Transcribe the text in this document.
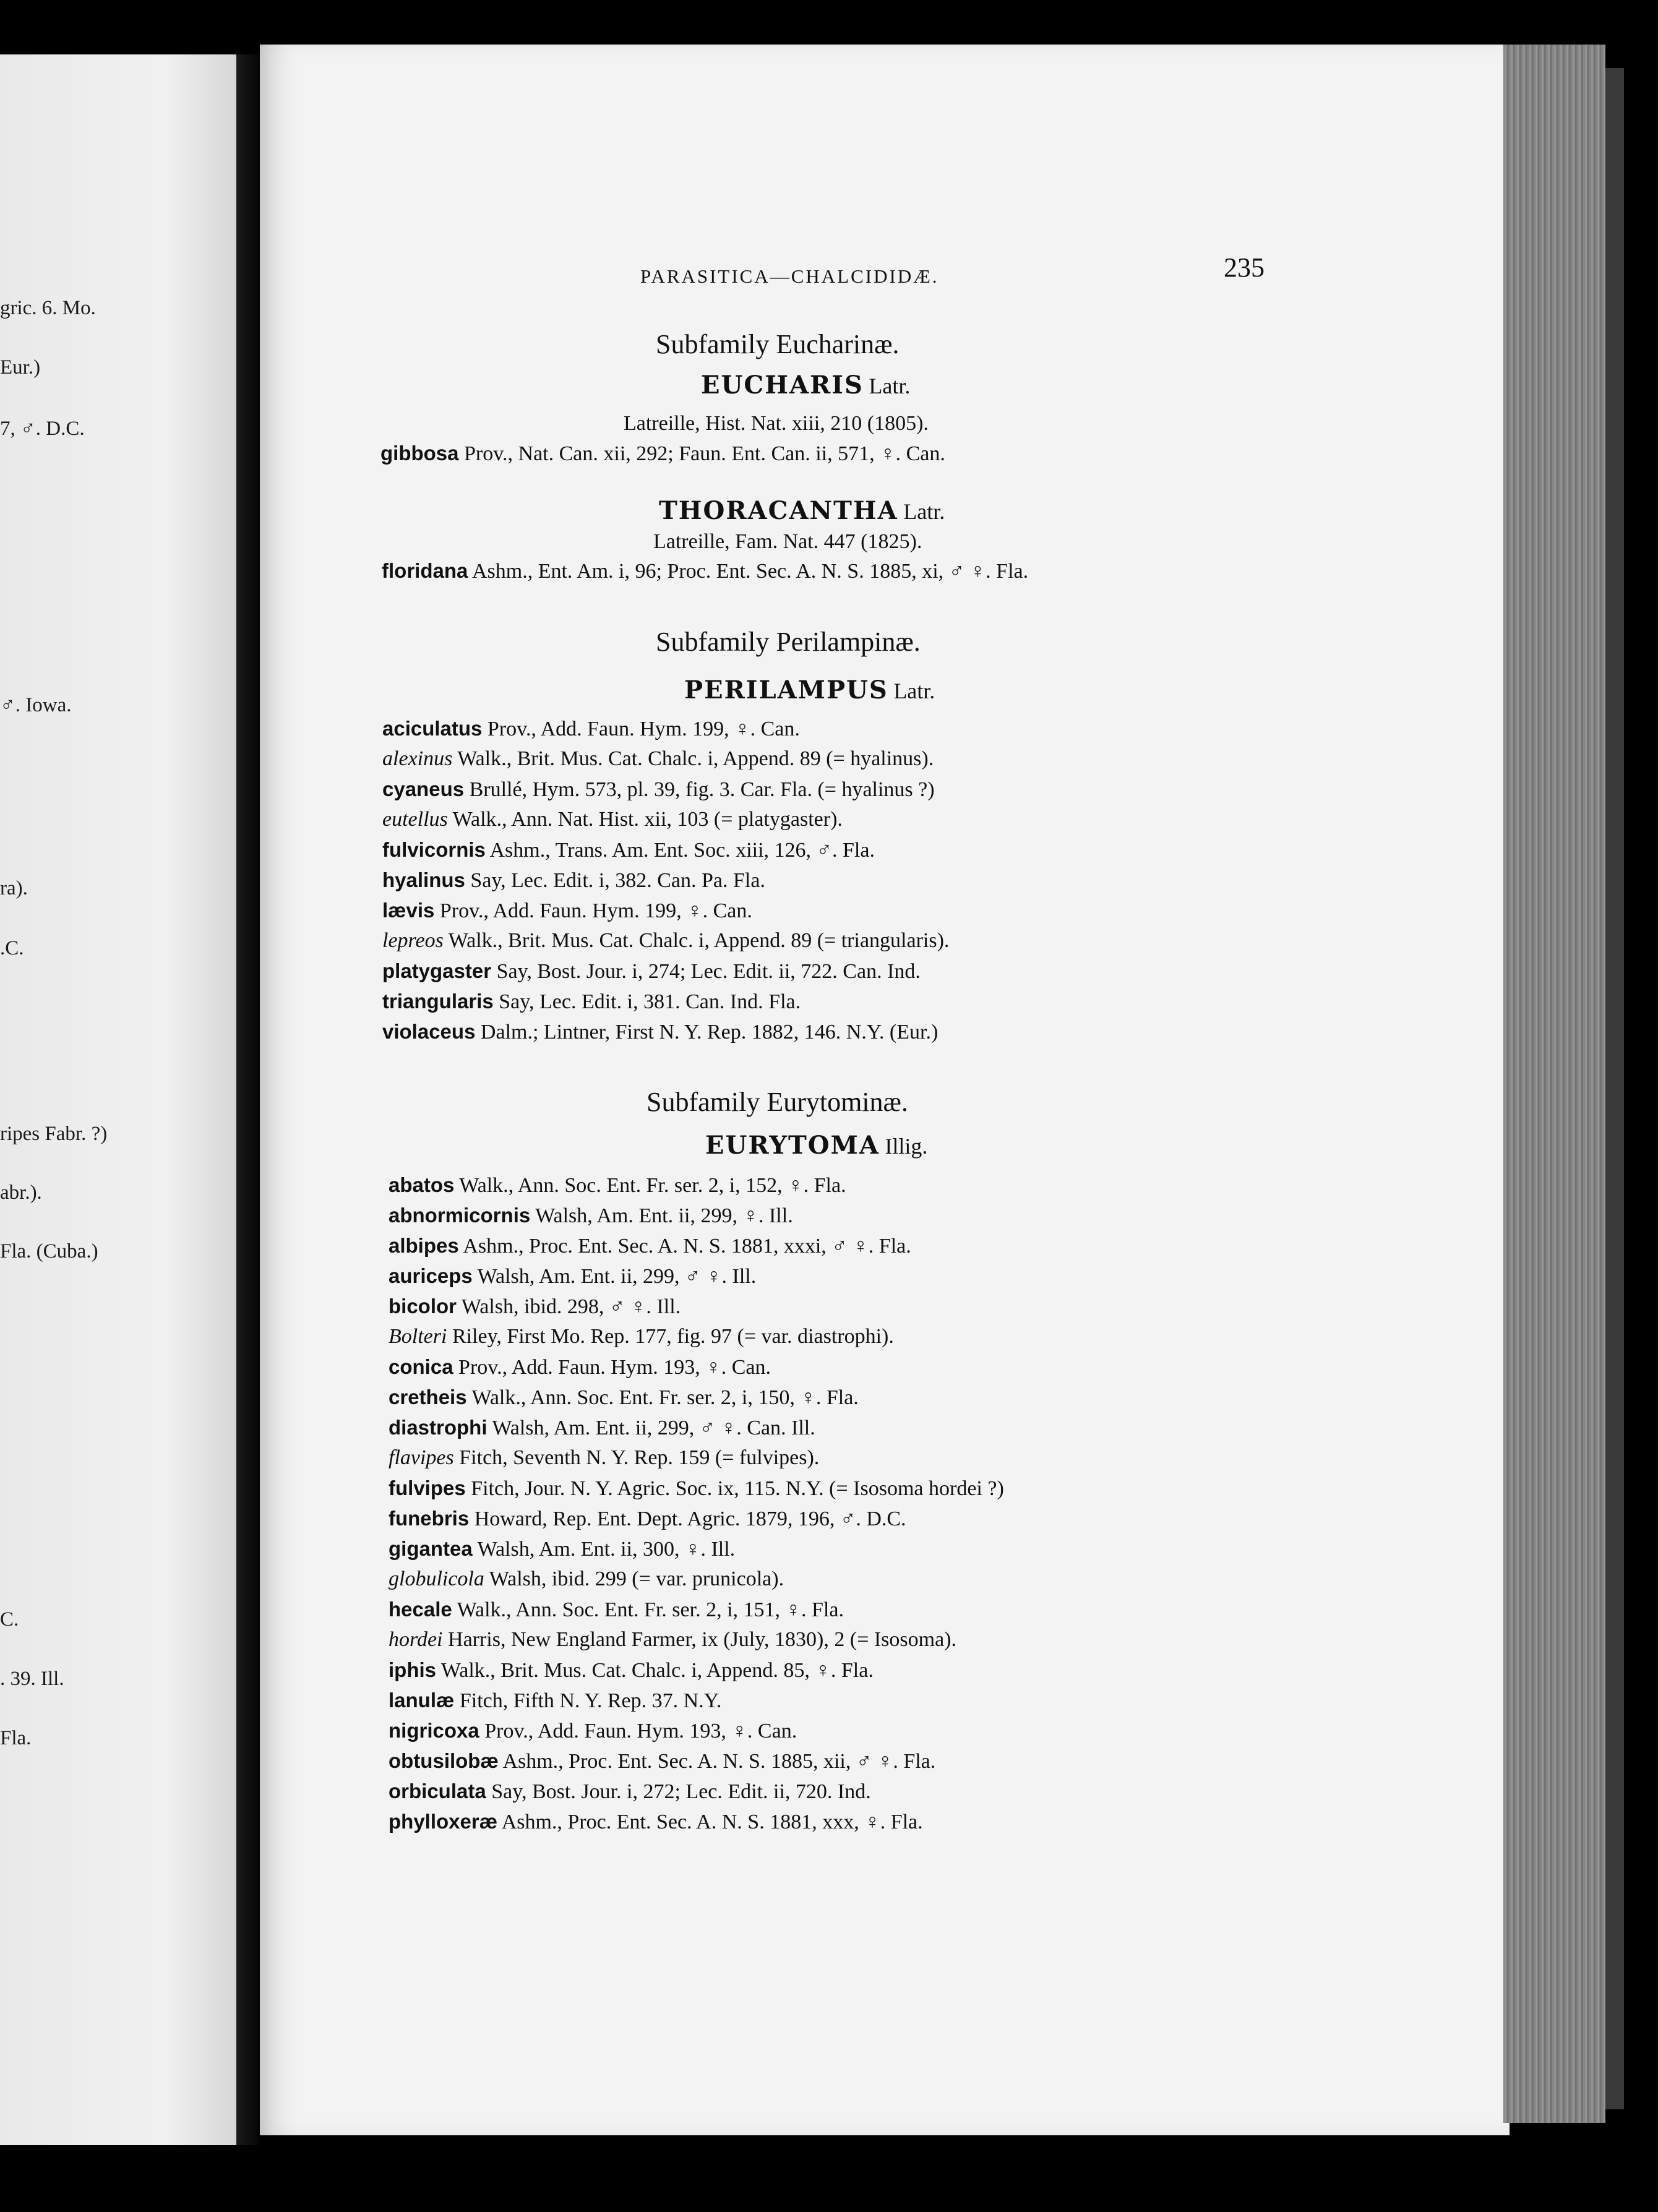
gric. 6. Mo.
Eur.)
7, ♂. D.C.
♂. Iowa.
ra).
.C.
ripes Fabr. ?)
abr.).
Fla. (Cuba.)
C.
. 39. Ill.
Fla.
PARASITICA—CHALCIDIDÆ.	235
Subfamily Eucharinæ.
EUCHARIS Latr.
Latreille, Hist. Nat. xiii, 210 (1805).
gibbosa Prov., Nat. Can. xii, 292; Faun. Ent. Can. ii, 571, ♀. Can.
THORACANTHA Latr.
Latreille, Fam. Nat. 447 (1825).
floridana Ashm., Ent. Am. i, 96; Proc. Ent. Sec. A. N. S. 1885, xi, ♂ ♀. Fla.
Subfamily Perilampinæ.
PERILAMPUS Latr.
aciculatus Prov., Add. Faun. Hym. 199, ♀. Can.
alexinus Walk., Brit. Mus. Cat. Chalc. i, Append. 89 (= hyalinus).
cyaneus Brullé, Hym. 573, pl. 39, fig. 3. Car. Fla. (= hyalinus ?)
eutellus Walk., Ann. Nat. Hist. xii, 103 (= platygaster).
fulvicornis Ashm., Trans. Am. Ent. Soc. xiii, 126, ♂. Fla.
hyalinus Say, Lec. Edit. i, 382. Can. Pa. Fla.
lævis Prov., Add. Faun. Hym. 199, ♀. Can.
lepreos Walk., Brit. Mus. Cat. Chalc. i, Append. 89 (= triangularis).
platygaster Say, Bost. Jour. i, 274; Lec. Edit. ii, 722. Can. Ind.
triangularis Say, Lec. Edit. i, 381. Can. Ind. Fla.
violaceus Dalm.; Lintner, First N. Y. Rep. 1882, 146. N.Y. (Eur.)
Subfamily Eurytominæ.
EURYTOMA Illig.
abatos Walk., Ann. Soc. Ent. Fr. ser. 2, i, 152, ♀. Fla.
abnormicornis Walsh, Am. Ent. ii, 299, ♀. Ill.
albipes Ashm., Proc. Ent. Sec. A. N. S. 1881, xxxi, ♂ ♀. Fla.
auriceps Walsh, Am. Ent. ii, 299, ♂ ♀. Ill.
bicolor Walsh, ibid. 298, ♂ ♀. Ill.
Bolteri Riley, First Mo. Rep. 177, fig. 97 (= var. diastrophi).
conica Prov., Add. Faun. Hym. 193, ♀. Can.
cretheis Walk., Ann. Soc. Ent. Fr. ser. 2, i, 150, ♀. Fla.
diastrophi Walsh, Am. Ent. ii, 299, ♂ ♀. Can. Ill.
flavipes Fitch, Seventh N. Y. Rep. 159 (= fulvipes).
fulvipes Fitch, Jour. N. Y. Agric. Soc. ix, 115. N.Y. (= Isosoma hordei ?)
funebris Howard, Rep. Ent. Dept. Agric. 1879, 196, ♂. D.C.
gigantea Walsh, Am. Ent. ii, 300, ♀. Ill.
globulicola Walsh, ibid. 299 (= var. prunicola).
hecale Walk., Ann. Soc. Ent. Fr. ser. 2, i, 151, ♀. Fla.
hordei Harris, New England Farmer, ix (July, 1830), 2 (= Isosoma).
iphis Walk., Brit. Mus. Cat. Chalc. i, Append. 85, ♀. Fla.
lanulæ Fitch, Fifth N. Y. Rep. 37. N.Y.
nigricoxa Prov., Add. Faun. Hym. 193, ♀. Can.
obtusilobæ Ashm., Proc. Ent. Sec. A. N. S. 1885, xii, ♂ ♀. Fla.
orbiculata Say, Bost. Jour. i, 272; Lec. Edit. ii, 720. Ind.
phylloxeræ Ashm., Proc. Ent. Sec. A. N. S. 1881, xxx, ♀. Fla.
